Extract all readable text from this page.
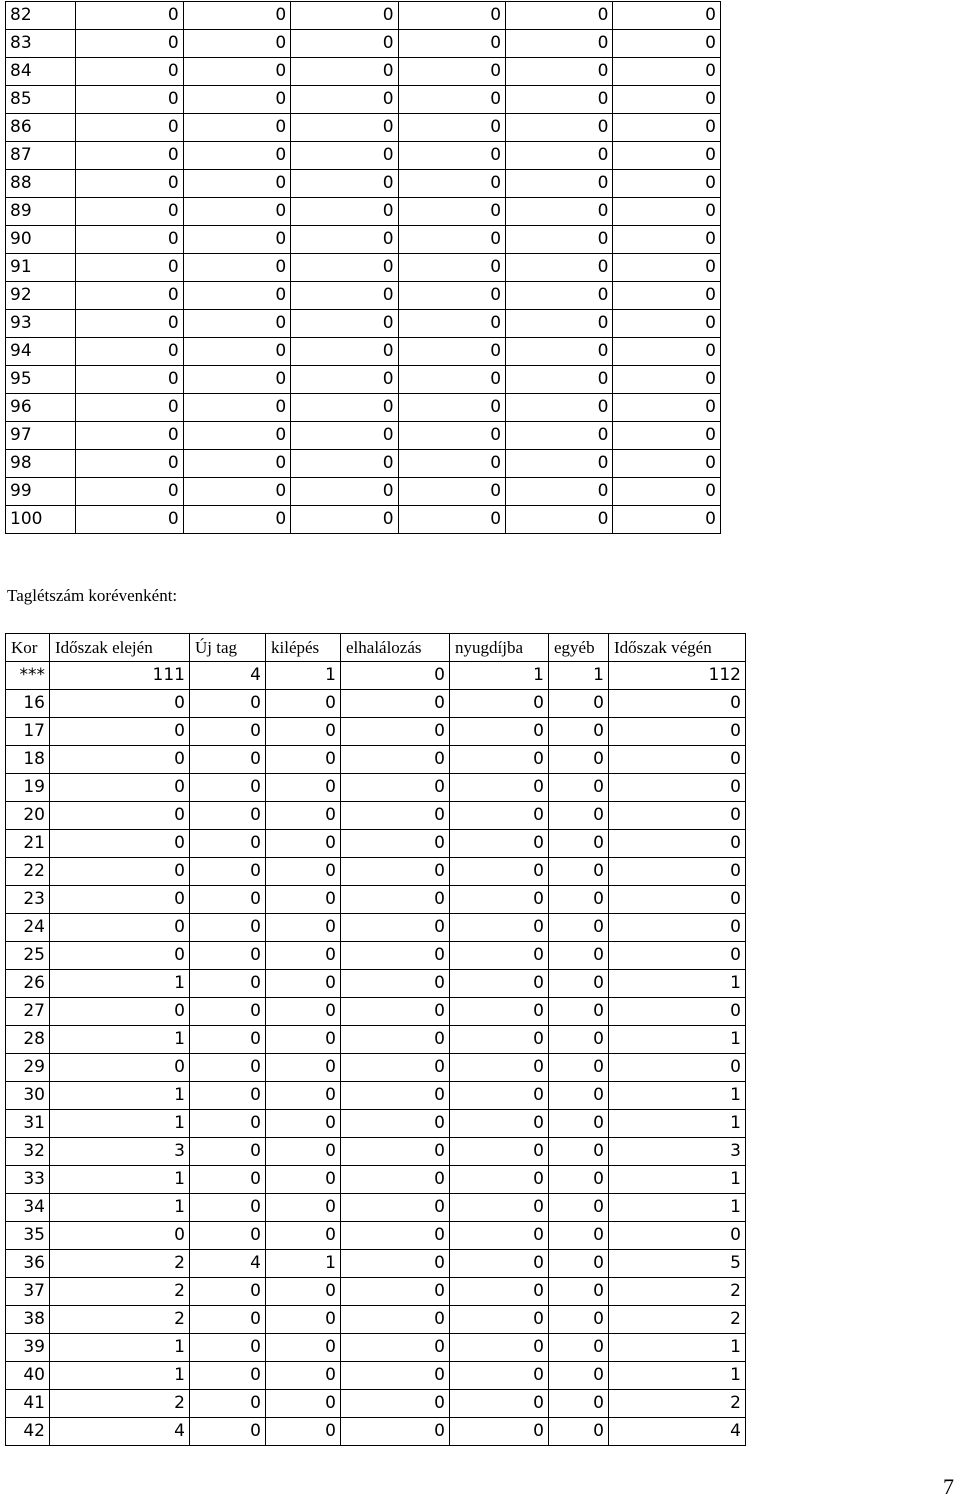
82	0	0	0	0	0	0
83	0	0	0	0	0	0
84	0	0	0	0	0	0
85	0	0	0	0	0	0
86	0	0	0	0	0	0
87	0	0	0	0	0	0
88	0	0	0	0	0	0
89	0	0	0	0	0	0
90	0	0	0	0	0	0
91	0	0	0	0	0	0
92	0	0	0	0	0	0
93	0	0	0	0	0	0
94	0	0	0	0	0	0
95	0	0	0	0	0	0
96	0	0	0	0	0	0
97	0	0	0	0	0	0
98	0	0	0	0	0	0
99	0	0	0	0	0	0
100	0	0	0	0	0	0
Taglétszám korévenként:
Kor	Időszak elején	Új tag	kilépés	elhalálozás	nyugdíjba	egyéb	Időszak végén
***	111	4	1	0	1	1	112
16	0	0	0	0	0	0	0
17	0	0	0	0	0	0	0
18	0	0	0	0	0	0	0
19	0	0	0	0	0	0	0
20	0	0	0	0	0	0	0
21	0	0	0	0	0	0	0
22	0	0	0	0	0	0	0
23	0	0	0	0	0	0	0
24	0	0	0	0	0	0	0
25	0	0	0	0	0	0	0
26	1	0	0	0	0	0	1
27	0	0	0	0	0	0	0
28	1	0	0	0	0	0	1
29	0	0	0	0	0	0	0
30	1	0	0	0	0	0	1
31	1	0	0	0	0	0	1
32	3	0	0	0	0	0	3
33	1	0	0	0	0	0	1
34	1	0	0	0	0	0	1
35	0	0	0	0	0	0	0
36	2	4	1	0	0	0	5
37	2	0	0	0	0	0	2
38	2	0	0	0	0	0	2
39	1	0	0	0	0	0	1
40	1	0	0	0	0	0	1
41	2	0	0	0	0	0	2
42	4	0	0	0	0	0	4
7
